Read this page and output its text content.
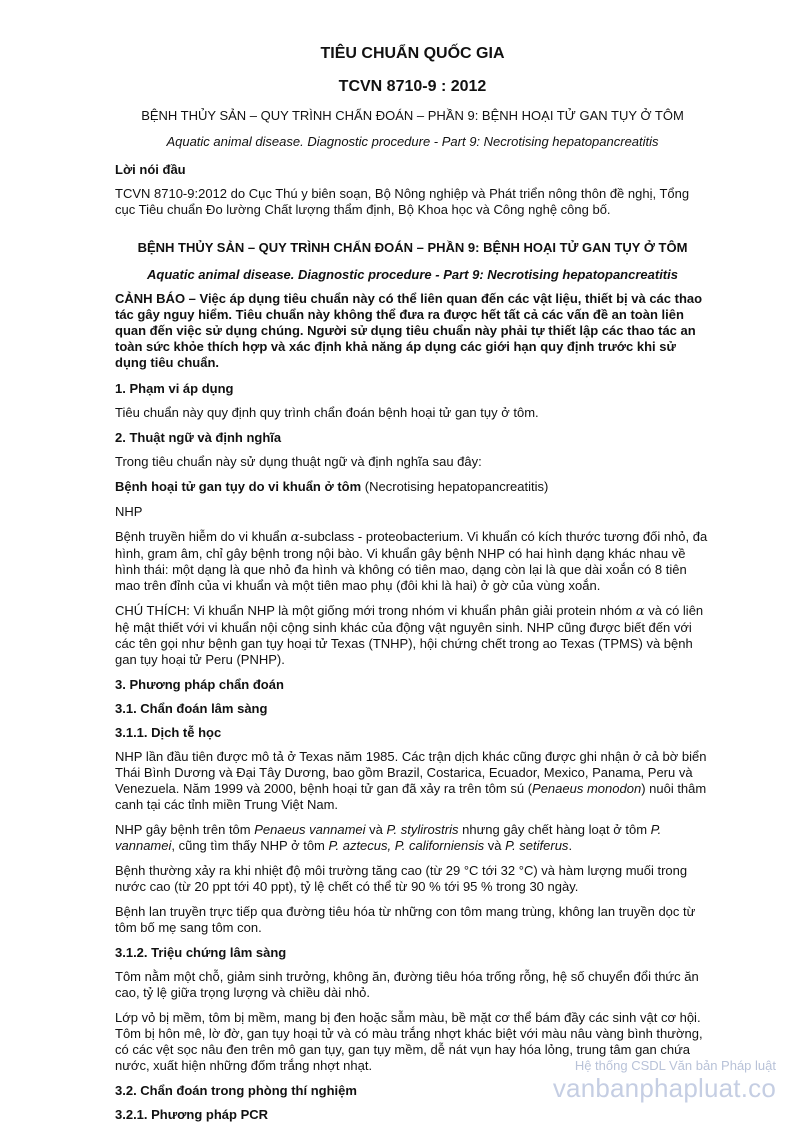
TIÊU CHUẨN QUỐC GIA
TCVN 8710-9 : 2012
BỆNH THỦY SẢN – QUY TRÌNH CHẨN ĐOÁN – PHẦN 9: BỆNH HOẠI TỬ GAN TỤY Ở TÔM
Aquatic animal disease. Diagnostic procedure - Part 9: Necrotising hepatopancreatitis
Lời nói đầu

TCVN 8710-9:2012 do Cục Thú y biên soạn, Bộ Nông nghiệp và Phát triển nông thôn đề nghị, Tổng cục Tiêu chuẩn Đo lường Chất lượng thẩm định, Bộ Khoa học và Công nghệ công bố.

BỆNH THỦY SẢN – QUY TRÌNH CHẨN ĐOÁN – PHẦN 9: BỆNH HOẠI TỬ GAN TỤY Ở TÔM
Aquatic animal disease. Diagnostic procedure - Part 9: Necrotising hepatopancreatitis
CẢNH BÁO – Việc áp dụng tiêu chuẩn này có thể liên quan đến các vật liệu, thiết bị và các thao tác gây nguy hiểm. Tiêu chuẩn này không thể đưa ra được hết tất cả các vấn đề an toàn liên quan đến việc sử dụng chúng. Người sử dụng tiêu chuẩn này phải tự thiết lập các thao tác an toàn sức khỏe thích hợp và xác định khả năng áp dụng các giới hạn quy định trước khi sử dụng tiêu chuẩn.
1. Phạm vi áp dụng

Tiêu chuẩn này quy định quy trình chẩn đoán bệnh hoại tử gan tụy ở tôm.

2. Thuật ngữ và định nghĩa

Trong tiêu chuẩn này sử dụng thuật ngữ và định nghĩa sau đây:

Bệnh hoại tử gan tụy do vi khuẩn ở tôm (Necrotising hepatopancreatitis)

NHP

Bệnh truyền hiễm do vi khuẩn α-subclass - proteobacterium. Vi khuẩn có kích thước tương đối nhỏ, đa hình, gram âm, chỉ gây bệnh trong nội bào. Vi khuẩn gây bệnh NHP có hai hình dạng khác nhau về hình thái: một dạng là que nhỏ đa hình và không có tiên mao, dạng còn lại là que dài xoắn có 8 tiên mao trên đỉnh của vi khuẩn và một tiên mao phụ (đôi khi là hai) ở gờ của vùng xoắn.

CHÚ THÍCH: Vi khuẩn NHP là một giống mới trong nhóm vi khuẩn phân giải protein nhóm α và có liên hệ mật thiết với vi khuẩn nội cộng sinh khác của động vật nguyên sinh. NHP cũng được biết đến với các tên gọi như bệnh gan tụy hoại tử Texas (TNHP), hội chứng chết trong ao Texas (TPMS) và bệnh gan tụy hoại tử Peru (PNHP).

3. Phương pháp chẩn đoán
3.1. Chẩn đoán lâm sàng
3.1.1. Dịch tễ học

NHP lần đầu tiên được mô tả ở Texas năm 1985. Các trận dịch khác cũng được ghi nhận ở cả bờ biển Thái Bình Dương và Đại Tây Dương, bao gồm Brazil, Costarica, Ecuador, Mexico, Panama, Peru và Venezuela. Năm 1999 và 2000, bệnh hoại tử gan đã xảy ra trên tôm sú (Penaeus monodon) nuôi thâm canh tại các tỉnh miền Trung Việt Nam.

NHP gây bệnh trên tôm Penaeus vannamei và P. stylirostris nhưng gây chết hàng loạt ở tôm P. vannamei, cũng tìm thấy NHP ở tôm P. aztecus, P. californiensis và P. setiferus.

Bệnh thường xảy ra khi nhiệt độ môi trường tăng cao (từ 29 °C tới 32 °C) và hàm lượng muối trong nước cao (từ 20 ppt tới 40 ppt), tỷ lệ chết có thể từ 90 % tới 95 % trong 30 ngày.

Bệnh lan truyền trực tiếp qua đường tiêu hóa từ những con tôm mang trùng, không lan truyền dọc từ tôm bố mẹ sang tôm con.

3.1.2. Triệu chứng lâm sàng

Tôm nằm một chỗ, giảm sinh trưởng, không ăn, đường tiêu hóa trống rỗng, hệ số chuyển đổi thức ăn cao, tỷ lệ giữa trọng lượng và chiều dài nhỏ.

Lớp vỏ bị mềm, tôm bị mềm, mang bị đen hoặc sẫm màu, bề mặt cơ thể bám đầy các sinh vật cơ hội. Tôm bị hôn mê, lờ đờ, gan tụy hoại tử và có màu trắng nhợt khác biệt với màu nâu vàng bình thường, có các vệt sọc nâu đen trên mô gan tụy, gan tụy mềm, dễ nát vụn hay hóa lỏng, trung tâm gan chứa nước, xuất hiện những đốm trắng nhợt nhạt.

3.2. Chẩn đoán trong phòng thí nghiệm
3.2.1. Phương pháp PCR
Hệ thống CSDL Văn bản Pháp luật
vanbanphapluat.co
